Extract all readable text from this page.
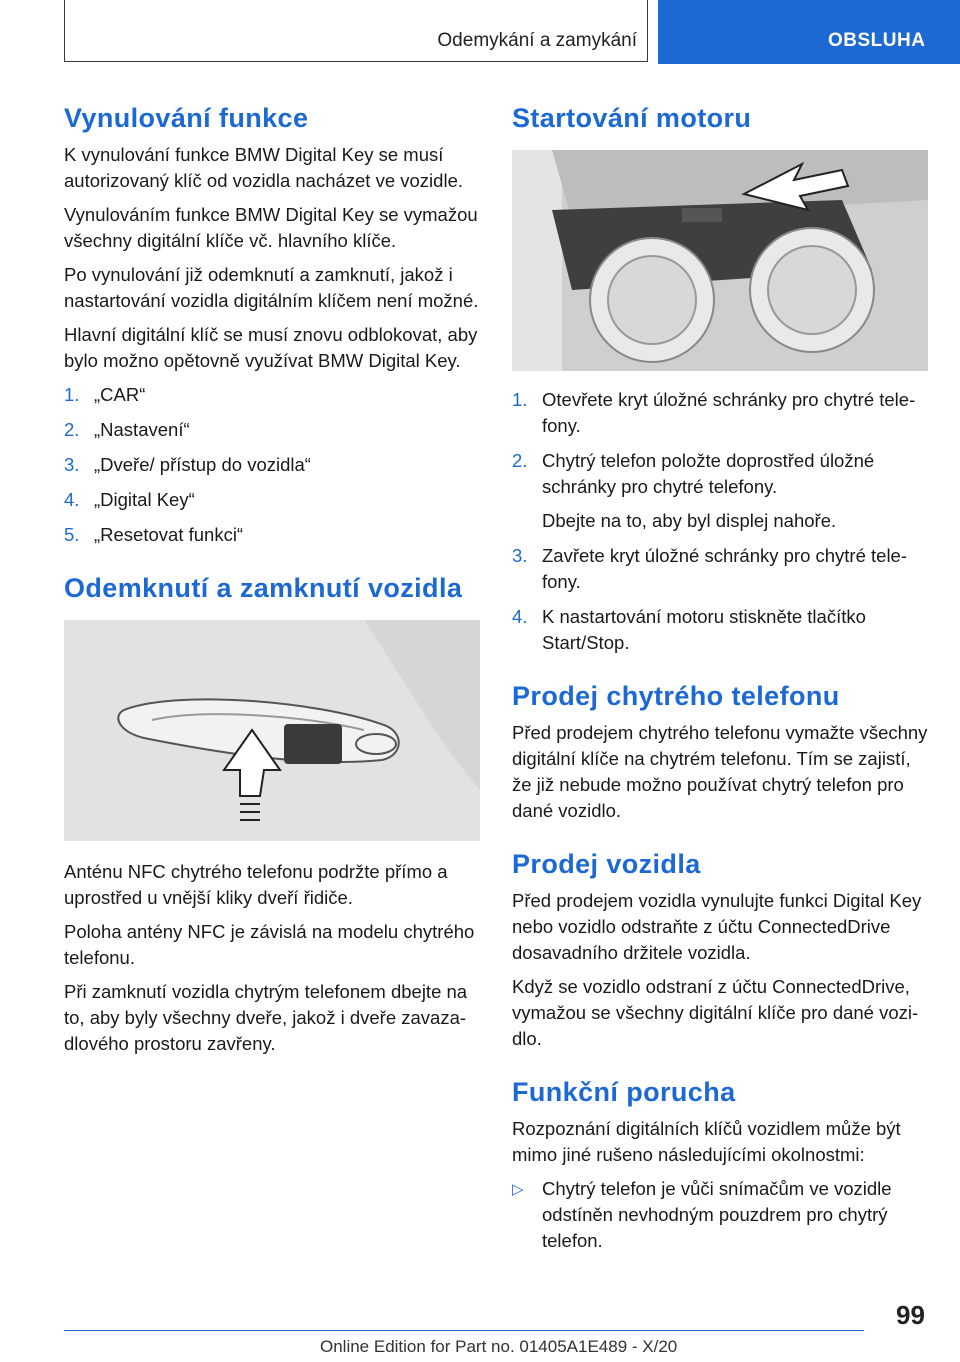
Odemykání a zamykání	OBSLUHA
Vynulování funkce

K vynulování funkce BMW Digital Key se musí autorizovaný klíč od vozidla nacházet ve vozidle.

Vynulováním funkce BMW Digital Key se vymažou všechny digitální klíče vč. hlavního klíče.

Po vynulování již odemknutí a zamknutí, jakož i nastartování vozidla digitálním klíčem není možné.

Hlavní digitální klíč se musí znovu odblokovat, aby bylo možno opětovně využívat BMW Digital Key.

1. „CAR“
2. „Nastavení“
3. „Dveře/ přístup do vozidla“
4. „Digital Key“
5. „Resetovat funkci“
Odemknutí a zamknutí vozidla

Anténu NFC chytrého telefonu podržte přímo a uprostřed u vnější kliky dveří řidiče.

Poloha antény NFC je závislá na modelu chytrého telefonu.

Při zamknutí vozidla chytrým telefonem dbejte na to, aby byly všechny dveře, jakož i dveře zavazadlového prostoru zavřeny.

Startování motoru
1. Otevřete kryt úložné schránky pro chytré telefony.
2. Chytrý telefon položte doprostřed úložné schránky pro chytré telefony.
Dbejte na to, aby byl displej nahoře.
3. Zavřete kryt úložné schránky pro chytré telefony.
4. K nastartování motoru stiskněte tlačítko Start/Stop.
Prodej chytrého telefonu

Před prodejem chytrého telefonu vymažte všechny digitální klíče na chytrém telefonu. Tím se zajistí, že již nebude možno používat chytrý telefon pro dané vozidlo.

Prodej vozidla

Před prodejem vozidla vynulujte funkci Digital Key nebo vozidlo odstraňte z účtu ConnectedDrive dosavadního držitele vozidla.

Když se vozidlo odstraní z účtu ConnectedDrive, vymažou se všechny digitální klíče pro dané vozidlo.

Funkční porucha

Rozpoznání digitálních klíčů vozidlem může být mimo jiné rušeno následujícími okolnostmi:

▷ Chytrý telefon je vůči snímačům ve vozidle odstíněn nevhodným pouzdrem pro chytrý telefon.
99
Online Edition for Part no. 01405A1E489 - X/20
